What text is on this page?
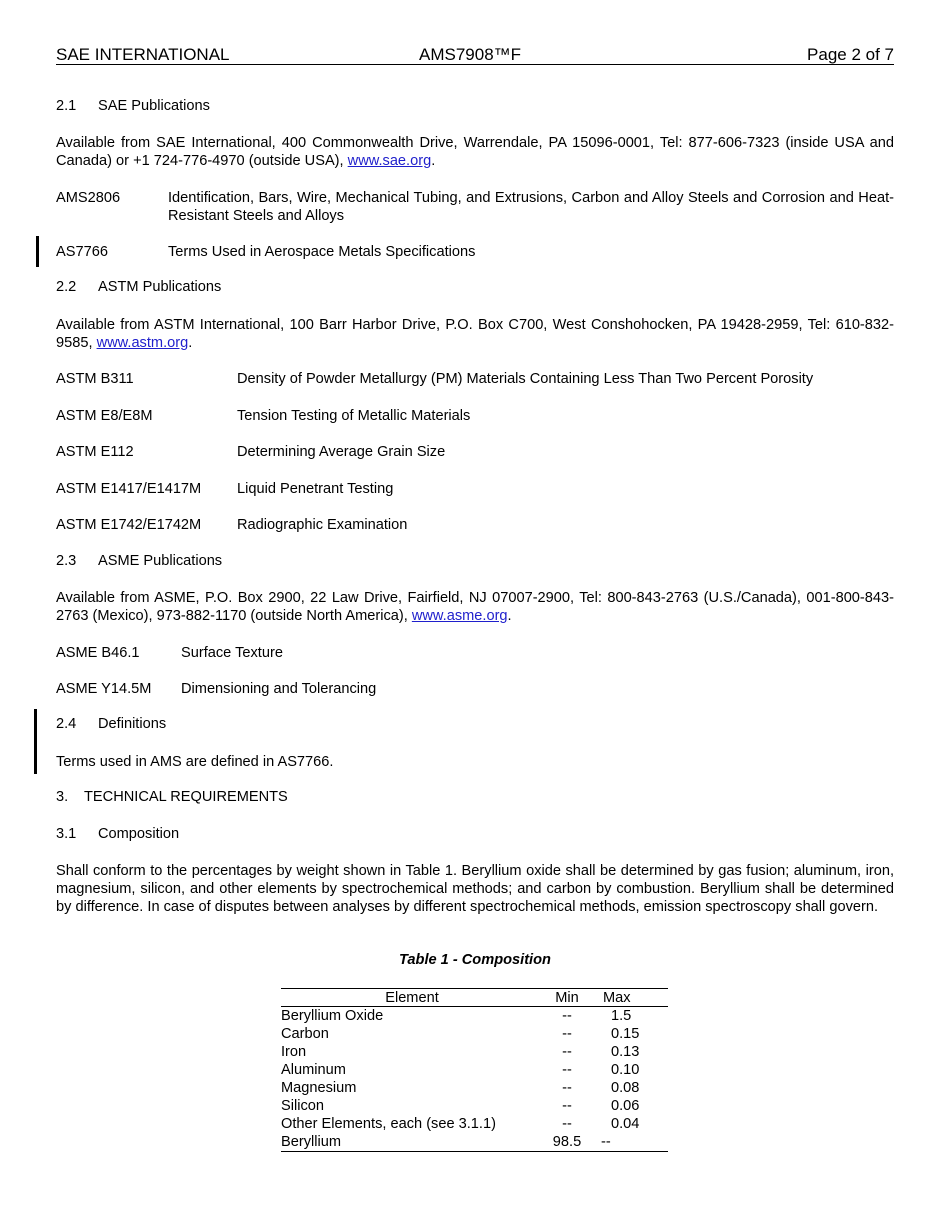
SAE INTERNATIONAL	AMS7908™F	Page 2 of 7
2.1 SAE Publications
Available from SAE International, 400 Commonwealth Drive, Warrendale, PA 15096-0001, Tel: 877-606-7323 (inside USA and Canada) or +1 724-776-4970 (outside USA), www.sae.org.
AMS2806	Identification, Bars, Wire, Mechanical Tubing, and Extrusions, Carbon and Alloy Steels and Corrosion and Heat-Resistant Steels and Alloys
AS7766	Terms Used in Aerospace Metals Specifications
2.2 ASTM Publications
Available from ASTM International, 100 Barr Harbor Drive, P.O. Box C700, West Conshohocken, PA 19428-2959, Tel: 610-832-9585, www.astm.org.
ASTM B311	Density of Powder Metallurgy (PM) Materials Containing Less Than Two Percent Porosity
ASTM E8/E8M	Tension Testing of Metallic Materials
ASTM E112	Determining Average Grain Size
ASTM E1417/E1417M Liquid Penetrant Testing
ASTM E1742/E1742M Radiographic Examination
2.3 ASME Publications
Available from ASME, P.O. Box 2900, 22 Law Drive, Fairfield, NJ 07007-2900, Tel: 800-843-2763 (U.S./Canada), 001-800-843-2763 (Mexico), 973-882-1170 (outside North America), www.asme.org.
ASME B46.1	Surface Texture
ASME Y14.5M Dimensioning and Tolerancing
2.4 Definitions
Terms used in AMS are defined in AS7766.
3. TECHNICAL REQUIREMENTS
3.1 Composition
Shall conform to the percentages by weight shown in Table 1. Beryllium oxide shall be determined by gas fusion; aluminum, iron, magnesium, silicon, and other elements by spectrochemical methods; and carbon by combustion. Beryllium shall be determined by difference. In case of disputes between analyses by different spectrochemical methods, emission spectroscopy shall govern.
Table 1 - Composition
Element	Min	Max
Beryllium Oxide	--	1.5
Carbon	--	0.15
Iron	--	0.13
Aluminum	--	0.10
Magnesium	--	0.08
Silicon	--	0.06
Other Elements, each (see 3.1.1)	--	0.04
Beryllium	98.5	--
